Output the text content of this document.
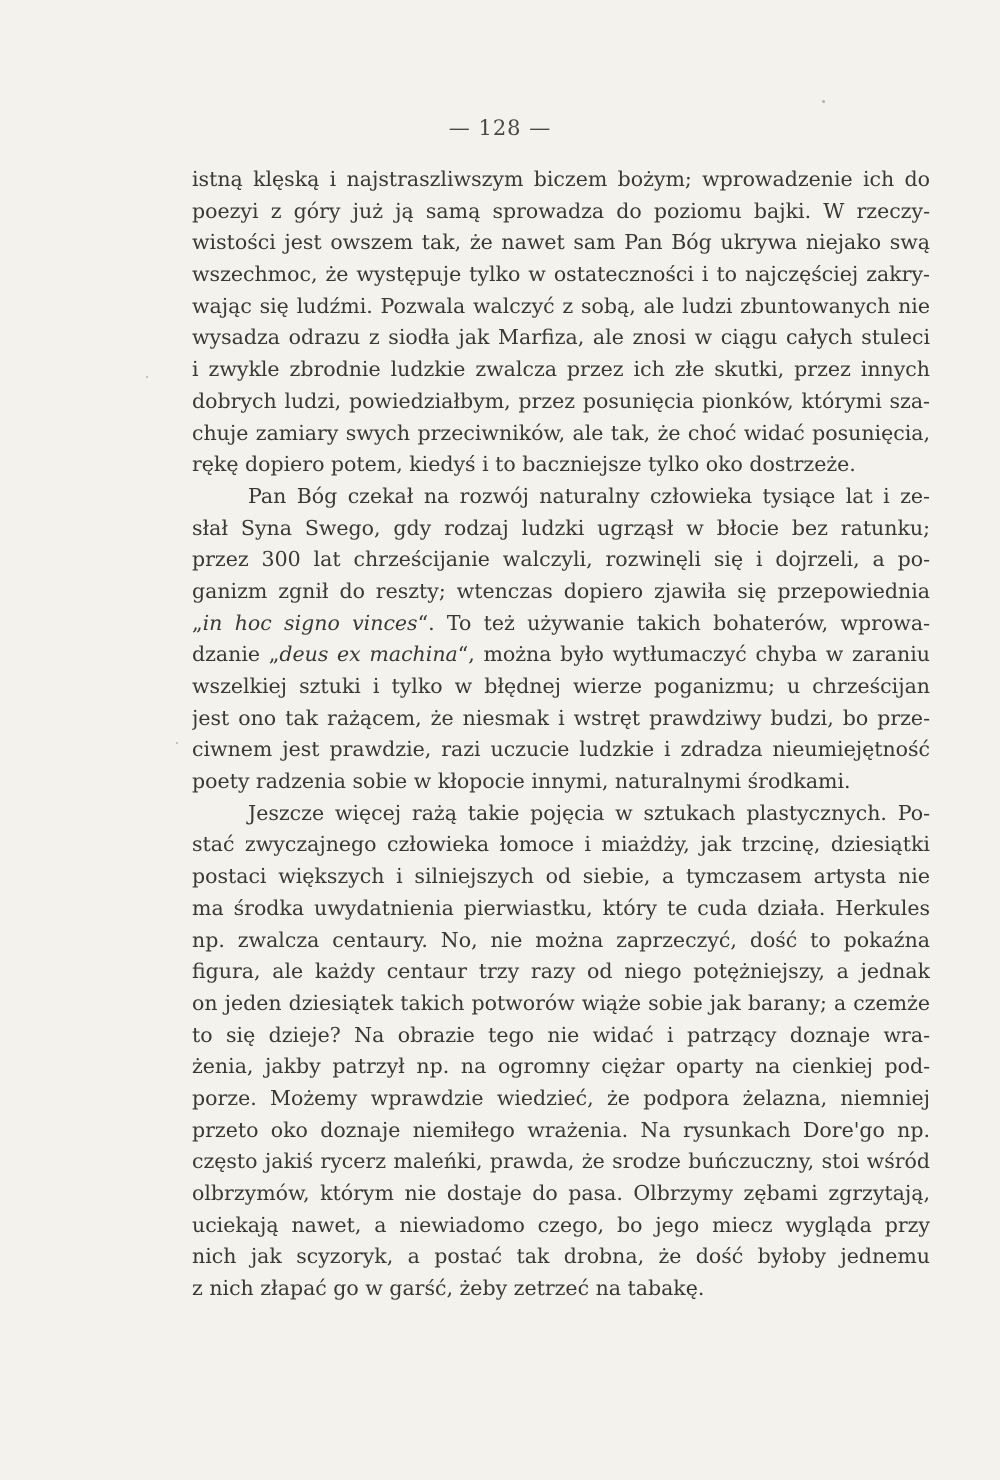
— 128 —
istną klęską i najstraszliwszym biczem bożym; wprowadzenie ich do
poezyi z góry już ją samą sprowadza do poziomu bajki. W rzeczy-
wistości jest owszem tak, że nawet sam Pan Bóg ukrywa niejako swą
wszechmoc, że występuje tylko w ostateczności i to najczęściej zakry-
wając się ludźmi. Pozwala walczyć z sobą, ale ludzi zbuntowanych nie
wysadza odrazu z siodła jak Marfiza, ale znosi w ciągu całych stuleci
i zwykle zbrodnie ludzkie zwalcza przez ich złe skutki, przez innych
dobrych ludzi, powiedziałbym, przez posunięcia pionków, którymi sza-
chuje zamiary swych przeciwników, ale tak, że choć widać posunięcia,
rękę dopiero potem, kiedyś i to baczniejsze tylko oko dostrzeże.
Pan Bóg czekał na rozwój naturalny człowieka tysiące lat i ze-
słał Syna Swego, gdy rodzaj ludzki ugrząsł w błocie bez ratunku;
przez 300 lat chrześcijanie walczyli, rozwinęli się i dojrzeli, a po-
ganizm zgnił do reszty; wtenczas dopiero zjawiła się przepowiednia
„in hoc signo vinces“. To też używanie takich bohaterów, wprowa-
dzanie „deus ex machina“, można było wytłumaczyć chyba w zaraniu
wszelkiej sztuki i tylko w błędnej wierze poganizmu; u chrześcijan
jest ono tak rażącem, że niesmak i wstręt prawdziwy budzi, bo prze-
ciwnem jest prawdzie, razi uczucie ludzkie i zdradza nieumiejętność
poety radzenia sobie w kłopocie innymi, naturalnymi środkami.
Jeszcze więcej rażą takie pojęcia w sztukach plastycznych. Po-
stać zwyczajnego człowieka łomoce i miażdży, jak trzcinę, dziesiątki
postaci większych i silniejszych od siebie, a tymczasem artysta nie
ma środka uwydatnienia pierwiastku, który te cuda działa. Herkules
np. zwalcza centaury. No, nie można zaprzeczyć, dość to pokaźna
figura, ale każdy centaur trzy razy od niego potężniejszy, a jednak
on jeden dziesiątek takich potworów wiąże sobie jak barany; a czemże
to się dzieje? Na obrazie tego nie widać i patrzący doznaje wra-
żenia, jakby patrzył np. na ogromny ciężar oparty na cienkiej pod-
porze. Możemy wprawdzie wiedzieć, że podpora żelazna, niemniej
przeto oko doznaje niemiłego wrażenia. Na rysunkach Dore'go np.
często jakiś rycerz maleńki, prawda, że srodze buńczuczny, stoi wśród
olbrzymów, którym nie dostaje do pasa. Olbrzymy zębami zgrzytają,
uciekają nawet, a niewiadomo czego, bo jego miecz wygląda przy
nich jak scyzoryk, a postać tak drobna, że dość byłoby jednemu
z nich złapać go w garść, żeby zetrzeć na tabakę.
